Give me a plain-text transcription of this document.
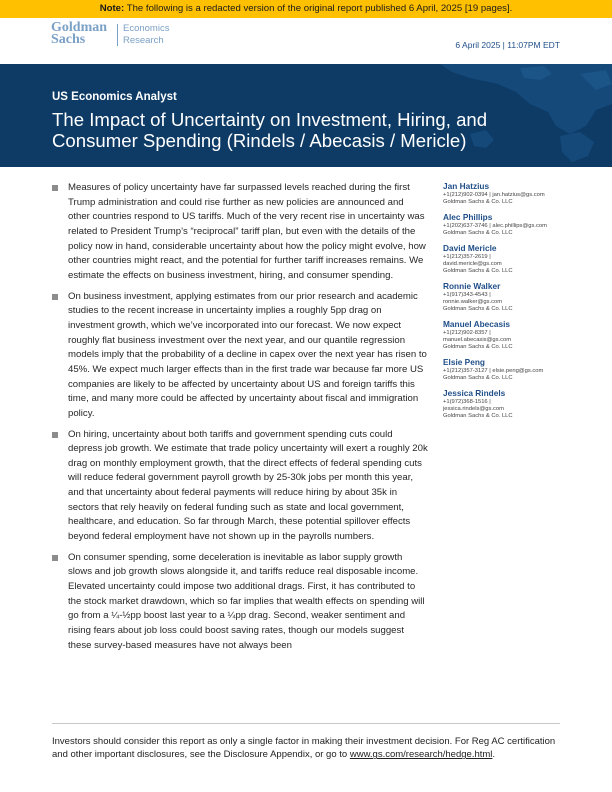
Note: The following is a redacted version of the original report published 6 April, 2025 [19 pages].
Goldman
Sachs
Economics
Research	6 April 2025 | 11:07PM EDT
US Economics Analyst
The Impact of Uncertainty on Investment, Hiring, and Consumer Spending (Rindels / Abecasis / Mericle)
Measures of policy uncertainty have far surpassed levels reached during the first Trump administration and could rise further as new policies are announced and other countries respond to US tariffs. Much of the very recent rise in uncertainty was related to President Trump’s “reciprocal” tariff plan, but even with the details of the policy now in hand, considerable uncertainty about how the policy might evolve, how other countries might react, and the potential for further tariff increases remains. We estimate the effects on business investment, hiring, and consumer spending.
On business investment, applying estimates from our prior research and academic studies to the recent increase in uncertainty implies a roughly 5pp drag on investment growth, which we’ve incorporated into our forecast. We now expect roughly flat business investment over the next year, and our quantile regression models imply that the probability of a decline in capex over the next year has risen to 45%. We expect much larger effects than in the first trade war because far more US companies are likely to be affected by uncertainty about US and foreign tariffs this time, and many more could be affected by uncertainty about fiscal and immigration policy.
On hiring, uncertainty about both tariffs and government spending cuts could depress job growth. We estimate that trade policy uncertainty will exert a roughly 20k drag on monthly employment growth, that the direct effects of federal spending cuts will reduce federal government payroll growth by 25-30k jobs per month this year, and that uncertainty about federal payments will reduce hiring by about 35k in sectors that rely heavily on federal funding such as state and local government, healthcare, and education. So far through March, these potential spillover effects beyond federal employment have not shown up in the payrolls numbers.
On consumer spending, some deceleration is inevitable as labor supply growth slows and job growth slows alongside it, and tariffs reduce real disposable income. Elevated uncertainty could impose two additional drags. First, it has contributed to the stock market drawdown, which so far implies that wealth effects on spending will go from a ¼-½pp boost last year to a ¼pp drag. Second, weaker sentiment and rising fears about job loss could boost saving rates, though our models suggest these survey-based measures have not always been
Jan Hatzius
+1(212)902-0394 | jan.hatzius@gs.com
Goldman Sachs & Co. LLC
Alec Phillips
+1(202)637-3746 | alec.phillips@gs.com
Goldman Sachs & Co. LLC
David Mericle
+1(212)357-2619 |
david.mericle@gs.com
Goldman Sachs & Co. LLC
Ronnie Walker
+1(917)343-4543 |
ronnie.walker@gs.com
Goldman Sachs & Co. LLC
Manuel Abecasis
+1(212)902-8357 |
manuel.abecasis@gs.com
Goldman Sachs & Co. LLC
Elsie Peng
+1(212)357-3127 | elsie.peng@gs.com
Goldman Sachs & Co. LLC
Jessica Rindels
+1(972)368-1516 |
jessica.rindels@gs.com
Goldman Sachs & Co. LLC
Investors should consider this report as only a single factor in making their investment decision. For Reg AC certification and other important disclosures, see the Disclosure Appendix, or go to www.gs.com/research/hedge.html.
